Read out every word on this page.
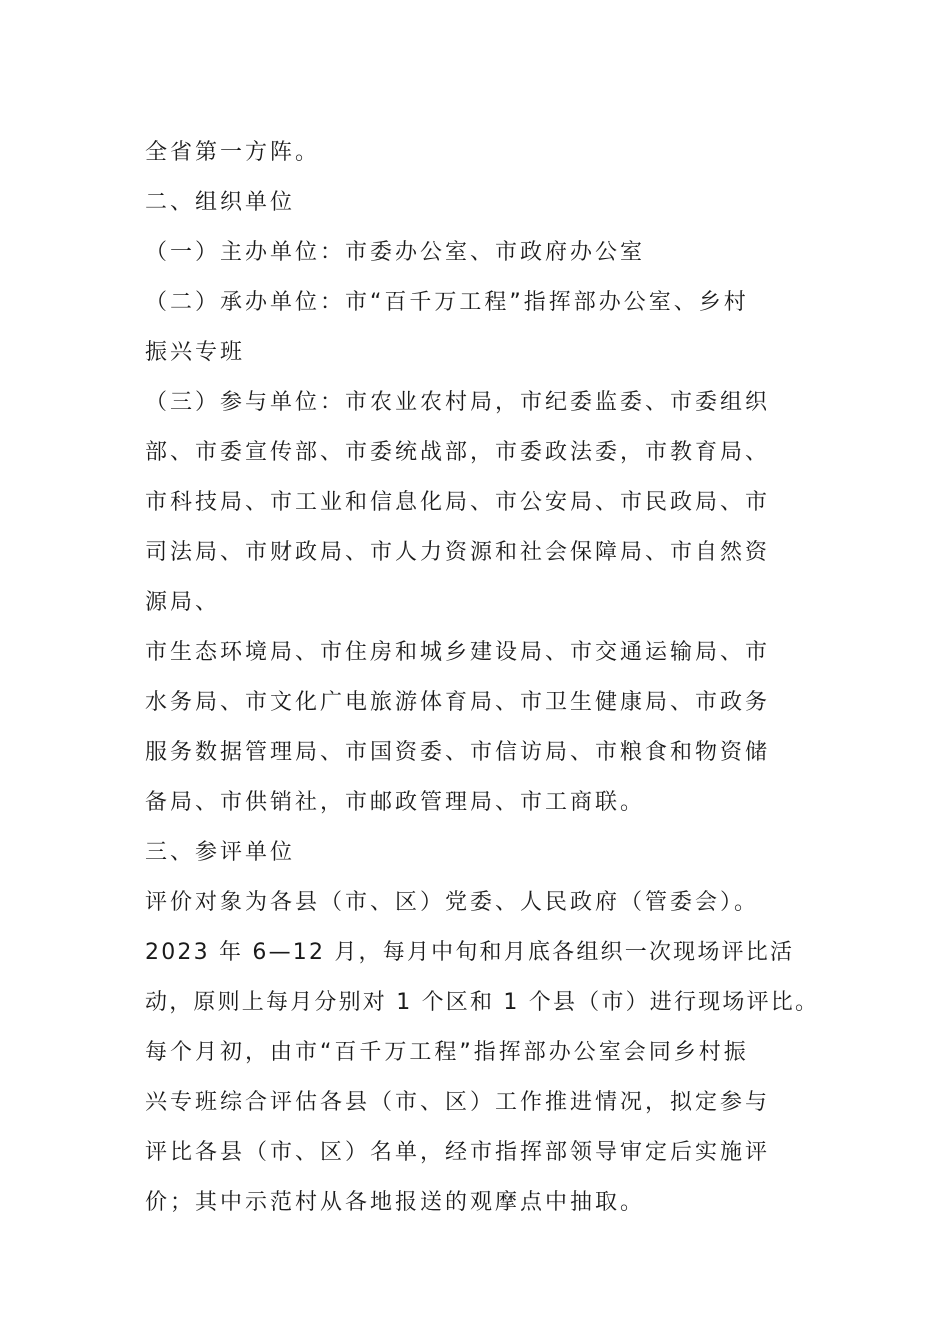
全省第一方阵。
二、组织单位
（一）主办单位：市委办公室、市政府办公室
（二）承办单位：市“百千万工程”指挥部办公室、乡村
振兴专班
（三）参与单位：市农业农村局，市纪委监委、市委组织
部、市委宣传部、市委统战部，市委政法委，市教育局、
市科技局、市工业和信息化局、市公安局、市民政局、市
司法局、市财政局、市人力资源和社会保障局、市自然资
源局、
市生态环境局、市住房和城乡建设局、市交通运输局、市
水务局、市文化广电旅游体育局、市卫生健康局、市政务
服务数据管理局、市国资委、市信访局、市粮食和物资储
备局、市供销社，市邮政管理局、市工商联。
三、参评单位
评价对象为各县（市、区）党委、人民政府（管委会）。
2023 年 6—12 月，每月中旬和月底各组织一次现场评比活
动，原则上每月分别对 1 个区和 1 个县（市）进行现场评比。
每个月初，由市“百千万工程”指挥部办公室会同乡村振
兴专班综合评估各县（市、区）工作推进情况，拟定参与
评比各县（市、区）名单，经市指挥部领导审定后实施评
价；其中示范村从各地报送的观摩点中抽取。
